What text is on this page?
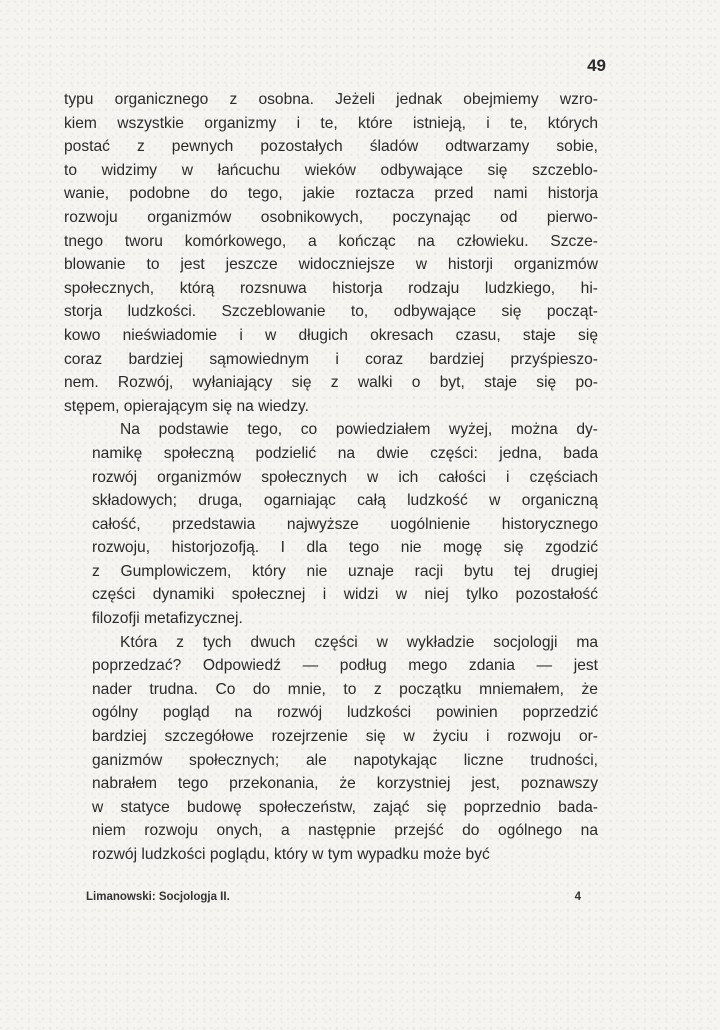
49
typu organicznego z osobna. Jeżeli jednak obejmiemy wzro-
kiem wszystkie organizmy i te, które istnieją, i te, których
postać z pewnych pozostałych śladów odtwarzamy sobie,
to widzimy w łańcuchu wieków odbywające się szczeblo-
wanie, podobne do tego, jakie roztacza przed nami historja
rozwoju organizmów osobnikowych, poczynając od pierwo-
tnego tworu komórkowego, a kończąc na człowieku. Szcze-
blowanie to jest jeszcze widoczniejsze w historji organizmów
społecznych, którą rozsnuwa historja rodzaju ludzkiego, hi-
storja ludzkości. Szczeblowanie to, odbywające się począt-
kowo nieświadomie i w długich okresach czasu, staje się
coraz bardziej sąmowiednym i coraz bardziej przyśpieszo-
nem. Rozwój, wyłaniający się z walki o byt, staje się po-
stępem, opierającym się na wiedzy.
Na podstawie tego, co powiedziałem wyżej, można dy-
namikę społeczną podzielić na dwie części: jedna, bada
rozwój organizmów społecznych w ich całości i częściach
składowych; druga, ogarniając całą ludzkość w organiczną
całość, przedstawia najwyższe uogólnienie historycznego
rozwoju, historjozofją. I dla tego nie mogę się zgodzić
z Gumplowiczem, który nie uznaje racji bytu tej drugiej
części dynamiki społecznej i widzi w niej tylko pozostałość
filozofji metafizycznej.
Która z tych dwuch części w wykładzie socjologji ma
poprzedzać? Odpowiedź — podług mego zdania — jest
nader trudna. Co do mnie, to z początku mniemałem, że
ogólny pogląd na rozwój ludzkości powinien poprzedzić
bardziej szczegółowe rozejrzenie się w życiu i rozwoju or-
ganizmów społecznych; ale napotykając liczne trudności,
nabrałem tego przekonania, że korzystniej jest, poznawszy
w statyce budowę społeczeństw, zająć się poprzednio bada-
niem rozwoju onych, a następnie przejść do ogólnego na
rozwój ludzkości poglądu, który w tym wypadku może być
Limanowski: Socjologja II.	4
